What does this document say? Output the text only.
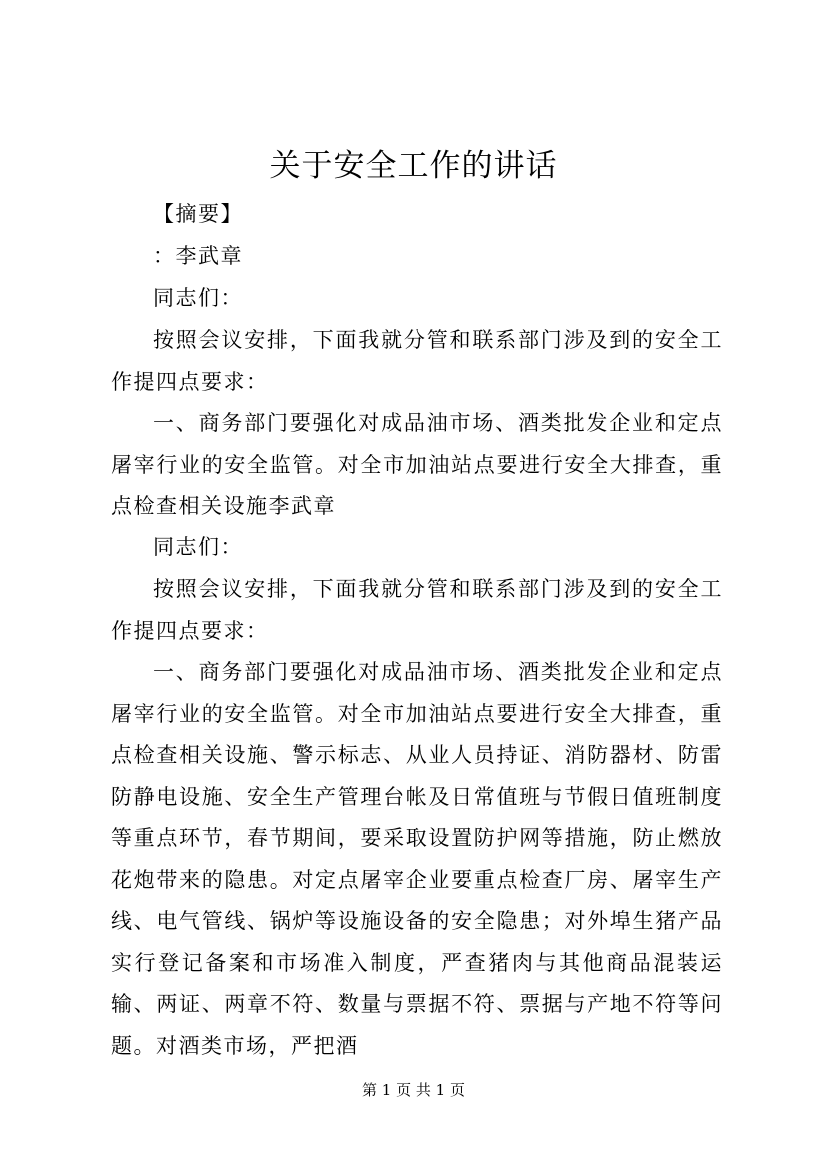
关于安全工作的讲话

【摘要】

：李武章

同志们：

按照会议安排，下面我就分管和联系部门涉及到的安全工作提四点要求：

一、商务部门要强化对成品油市场、酒类批发企业和定点屠宰行业的安全监管。对全市加油站点要进行安全大排查，重点检查相关设施李武章

同志们：

按照会议安排，下面我就分管和联系部门涉及到的安全工作提四点要求：

一、商务部门要强化对成品油市场、酒类批发企业和定点屠宰行业的安全监管。对全市加油站点要进行安全大排查，重点检查相关设施、警示标志、从业人员持证、消防器材、防雷防静电设施、安全生产管理台帐及日常值班与节假日值班制度等重点环节，春节期间，要采取设置防护网等措施，防止燃放花炮带来的隐患。对定点屠宰企业要重点检查厂房、屠宰生产线、电气管线、锅炉等设施设备的安全隐患；对外埠生猪产品实行登记备案和市场准入制度，严查猪肉与其他商品混装运输、两证、两章不符、数量与票据不符、票据与产地不符等问题。对酒类市场，严把酒

第 1 页 共 1 页
